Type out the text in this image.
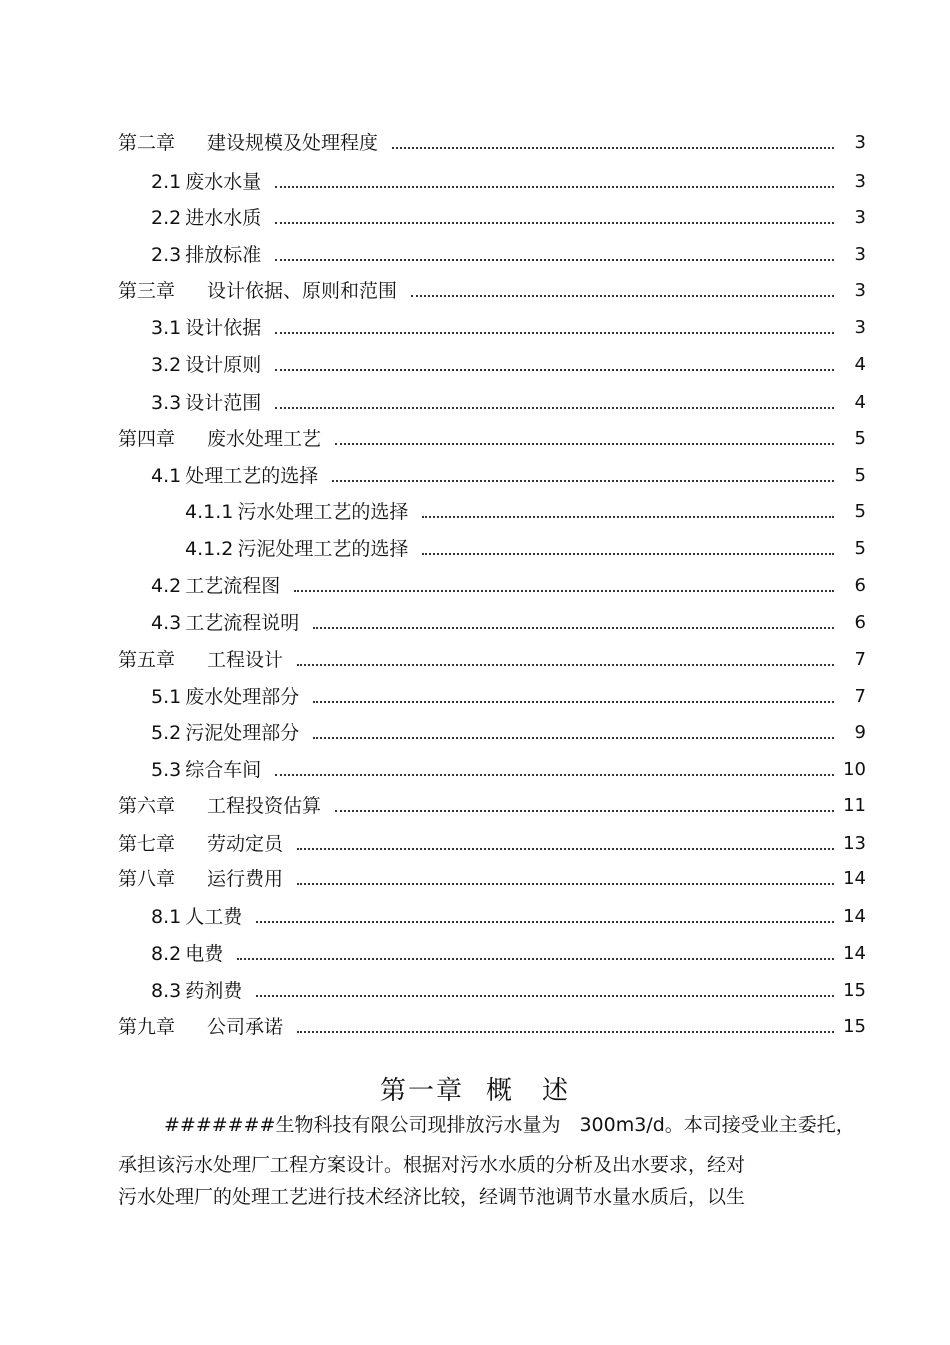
第二章 建设规模及处理程度	3
2.1 废水水量	3
2.2 进水水质	3
2.3 排放标准	3
第三章 设计依据、原则和范围	3
3.1 设计依据	3
3.2 设计原则	4
3.3 设计范围	4
第四章 废水处理工艺	5
4.1 处理工艺的选择	5
4.1.1 污水处理工艺的选择	5
4.1.2 污泥处理工艺的选择	5
4.2 工艺流程图	6
4.3 工艺流程说明	6
第五章 工程设计	7
5.1 废水处理部分	7
5.2 污泥处理部分	9
5.3 综合车间	10
第六章 工程投资估算	11
第七章 劳动定员	13
第八章 运行费用	14
8.1 人工费	14
8.2 电费	14
8.3 药剂费	15
第九章 公司承诺	15
第一章 概　述
#######生物科技有限公司现排放污水量为　300m3/d。本司接受业主委托，
承担该污水处理厂工程方案设计。根据对污水水质的分析及出水要求，经对
污水处理厂的处理工艺进行技术经济比较，经调节池调节水量水质后，以生
